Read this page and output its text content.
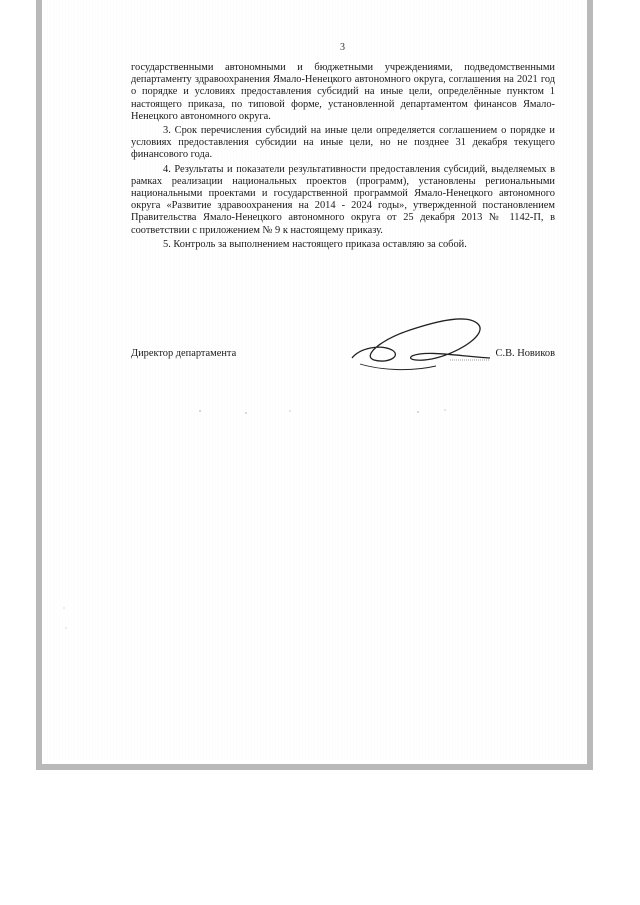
3

государственными автономными и бюджетными учреждениями, подведомственными департаменту здравоохранения Ямало-Ненецкого автономного округа, соглашения на 2021 год о порядке и условиях предоставления субсидий на иные цели, определённые пунктом 1 настоящего приказа, по типовой форме, установленной департаментом финансов Ямало-Ненецкого автономного округа.

3. Срок перечисления субсидий на иные цели определяется соглашением о порядке и условиях предоставления субсидии на иные цели, но не позднее 31 декабря текущего финансового года.

4. Результаты и показатели результативности предоставления субсидий, выделяемых в рамках реализации национальных проектов (программ), установлены региональными национальными проектами и государственной программой Ямало-Ненецкого автономного округа «Развитие здравоохранения на 2014 - 2024 годы», утвержденной постановлением Правительства Ямало-Ненецкого автономного округа от 25 декабря 2013 № 1142-П, в соответствии с приложением № 9 к настоящему приказу.

5. Контроль за выполнением настоящего приказа оставляю за собой.

Директор департамента	С.В. Новиков
